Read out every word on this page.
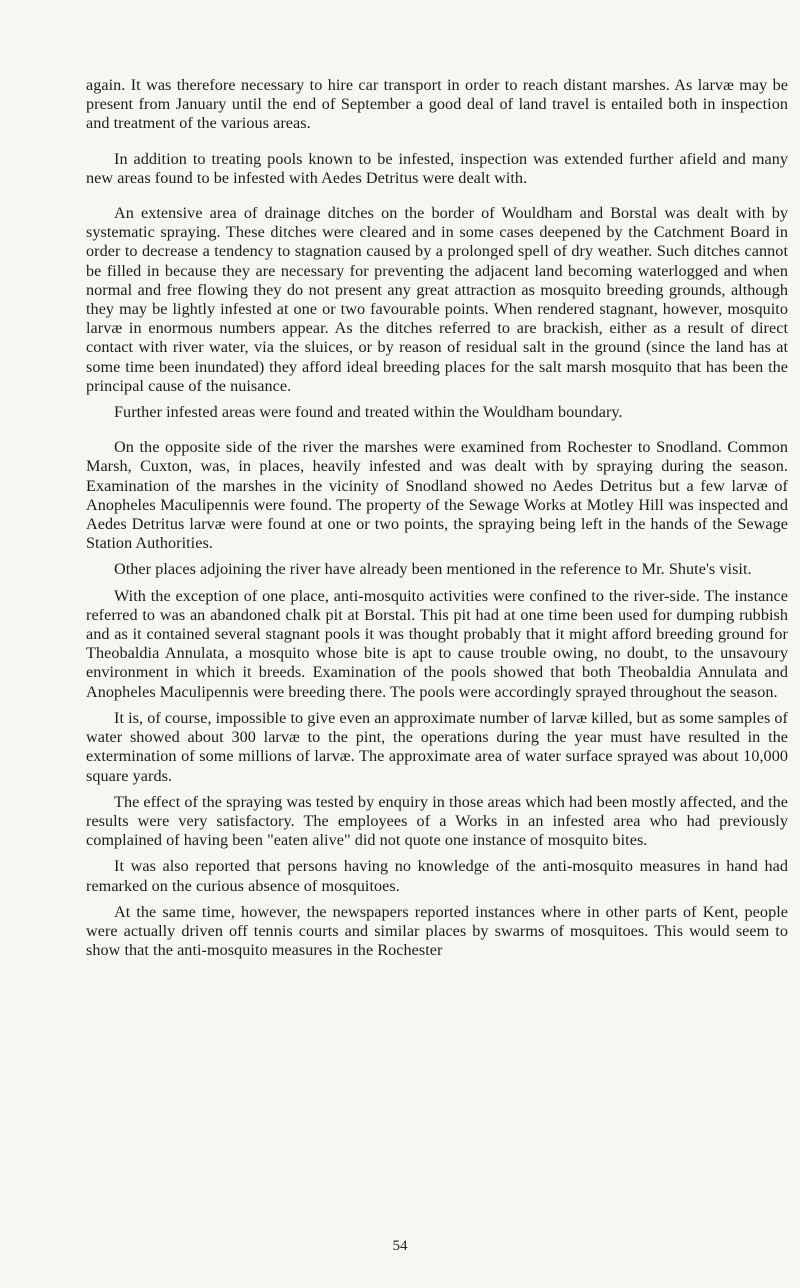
again. It was therefore necessary to hire car transport in order to reach distant marshes. As larvæ may be present from January until the end of September a good deal of land travel is entailed both in inspection and treatment of the various areas.

In addition to treating pools known to be infested, inspection was extended further afield and many new areas found to be infested with Aedes Detritus were dealt with.

An extensive area of drainage ditches on the border of Wouldham and Borstal was dealt with by systematic spraying. These ditches were cleared and in some cases deepened by the Catchment Board in order to decrease a tendency to stagnation caused by a prolonged spell of dry weather. Such ditches cannot be filled in because they are necessary for preventing the adjacent land becoming waterlogged and when normal and free flowing they do not present any great attraction as mosquito breeding grounds, although they may be lightly infested at one or two favourable points. When rendered stagnant, however, mosquito larvæ in enormous numbers appear. As the ditches referred to are brackish, either as a result of direct contact with river water, via the sluices, or by reason of residual salt in the ground (since the land has at some time been inundated) they afford ideal breeding places for the salt marsh mosquito that has been the principal cause of the nuisance.

Further infested areas were found and treated within the Wouldham boundary.

On the opposite side of the river the marshes were examined from Rochester to Snodland. Common Marsh, Cuxton, was, in places, heavily infested and was dealt with by spraying during the season. Examination of the marshes in the vicinity of Snodland showed no Aedes Detritus but a few larvæ of Anopheles Maculipennis were found. The property of the Sewage Works at Motley Hill was inspected and Aedes Detritus larvæ were found at one or two points, the spraying being left in the hands of the Sewage Station Authorities.

Other places adjoining the river have already been mentioned in the reference to Mr. Shute's visit.

With the exception of one place, anti-mosquito activities were confined to the river-side. The instance referred to was an abandoned chalk pit at Borstal. This pit had at one time been used for dumping rubbish and as it contained several stagnant pools it was thought probably that it might afford breeding ground for Theobaldia Annulata, a mosquito whose bite is apt to cause trouble owing, no doubt, to the unsavoury environment in which it breeds. Examination of the pools showed that both Theobaldia Annulata and Anopheles Maculipennis were breeding there. The pools were accordingly sprayed throughout the season.

It is, of course, impossible to give even an approximate number of larvæ killed, but as some samples of water showed about 300 larvæ to the pint, the operations during the year must have resulted in the extermination of some millions of larvæ. The approximate area of water surface sprayed was about 10,000 square yards.

The effect of the spraying was tested by enquiry in those areas which had been mostly affected, and the results were very satisfactory. The employees of a Works in an infested area who had previously complained of having been "eaten alive" did not quote one instance of mosquito bites.

It was also reported that persons having no knowledge of the anti-mosquito measures in hand had remarked on the curious absence of mosquitoes.

At the same time, however, the newspapers reported instances where in other parts of Kent, people were actually driven off tennis courts and similar places by swarms of mosquitoes. This would seem to show that the anti-mosquito measures in the Rochester

54
